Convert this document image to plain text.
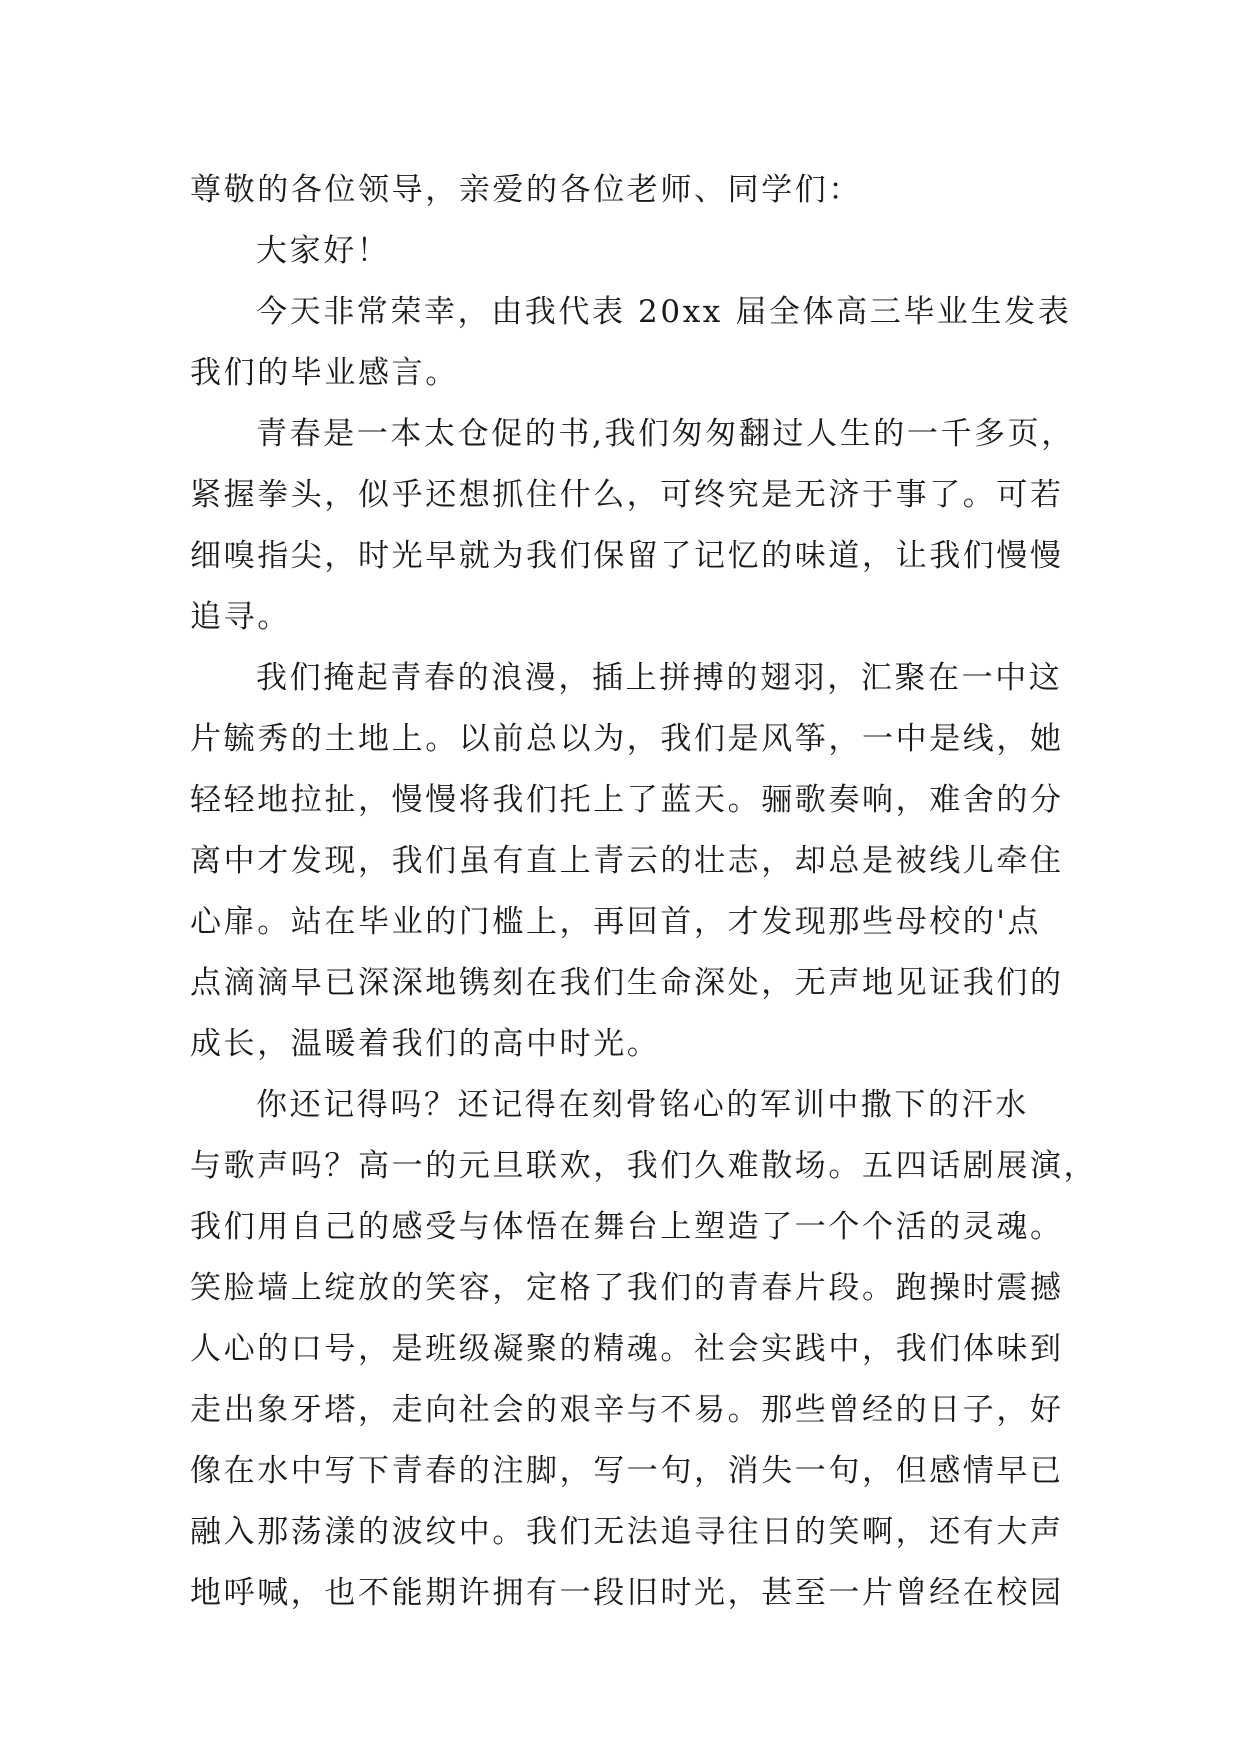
尊敬的各位领导，亲爱的各位老师、同学们：
大家好！
今天非常荣幸，由我代表 20xx 届全体高三毕业生发表
我们的毕业感言。
青春是一本太仓促的书,我们匆匆翻过人生的一千多页，
紧握拳头，似乎还想抓住什么，可终究是无济于事了。可若
细嗅指尖，时光早就为我们保留了记忆的味道，让我们慢慢
追寻。
我们掩起青春的浪漫，插上拼搏的翅羽，汇聚在一中这
片毓秀的土地上。以前总以为，我们是风筝，一中是线，她
轻轻地拉扯，慢慢将我们托上了蓝天。骊歌奏响，难舍的分
离中才发现，我们虽有直上青云的壮志，却总是被线儿牵住
心扉。站在毕业的门槛上，再回首，才发现那些母校的'点
点滴滴早已深深地镌刻在我们生命深处，无声地见证我们的
成长，温暖着我们的高中时光。
你还记得吗？还记得在刻骨铭心的军训中撒下的汗水
与歌声吗？高一的元旦联欢，我们久难散场。五四话剧展演，
我们用自己的感受与体悟在舞台上塑造了一个个活的灵魂。
笑脸墙上绽放的笑容，定格了我们的青春片段。跑操时震撼
人心的口号，是班级凝聚的精魂。社会实践中，我们体味到
走出象牙塔，走向社会的艰辛与不易。那些曾经的日子，好
像在水中写下青春的注脚，写一句，消失一句，但感情早已
融入那荡漾的波纹中。我们无法追寻往日的笑啊，还有大声
地呼喊，也不能期许拥有一段旧时光，甚至一片曾经在校园
